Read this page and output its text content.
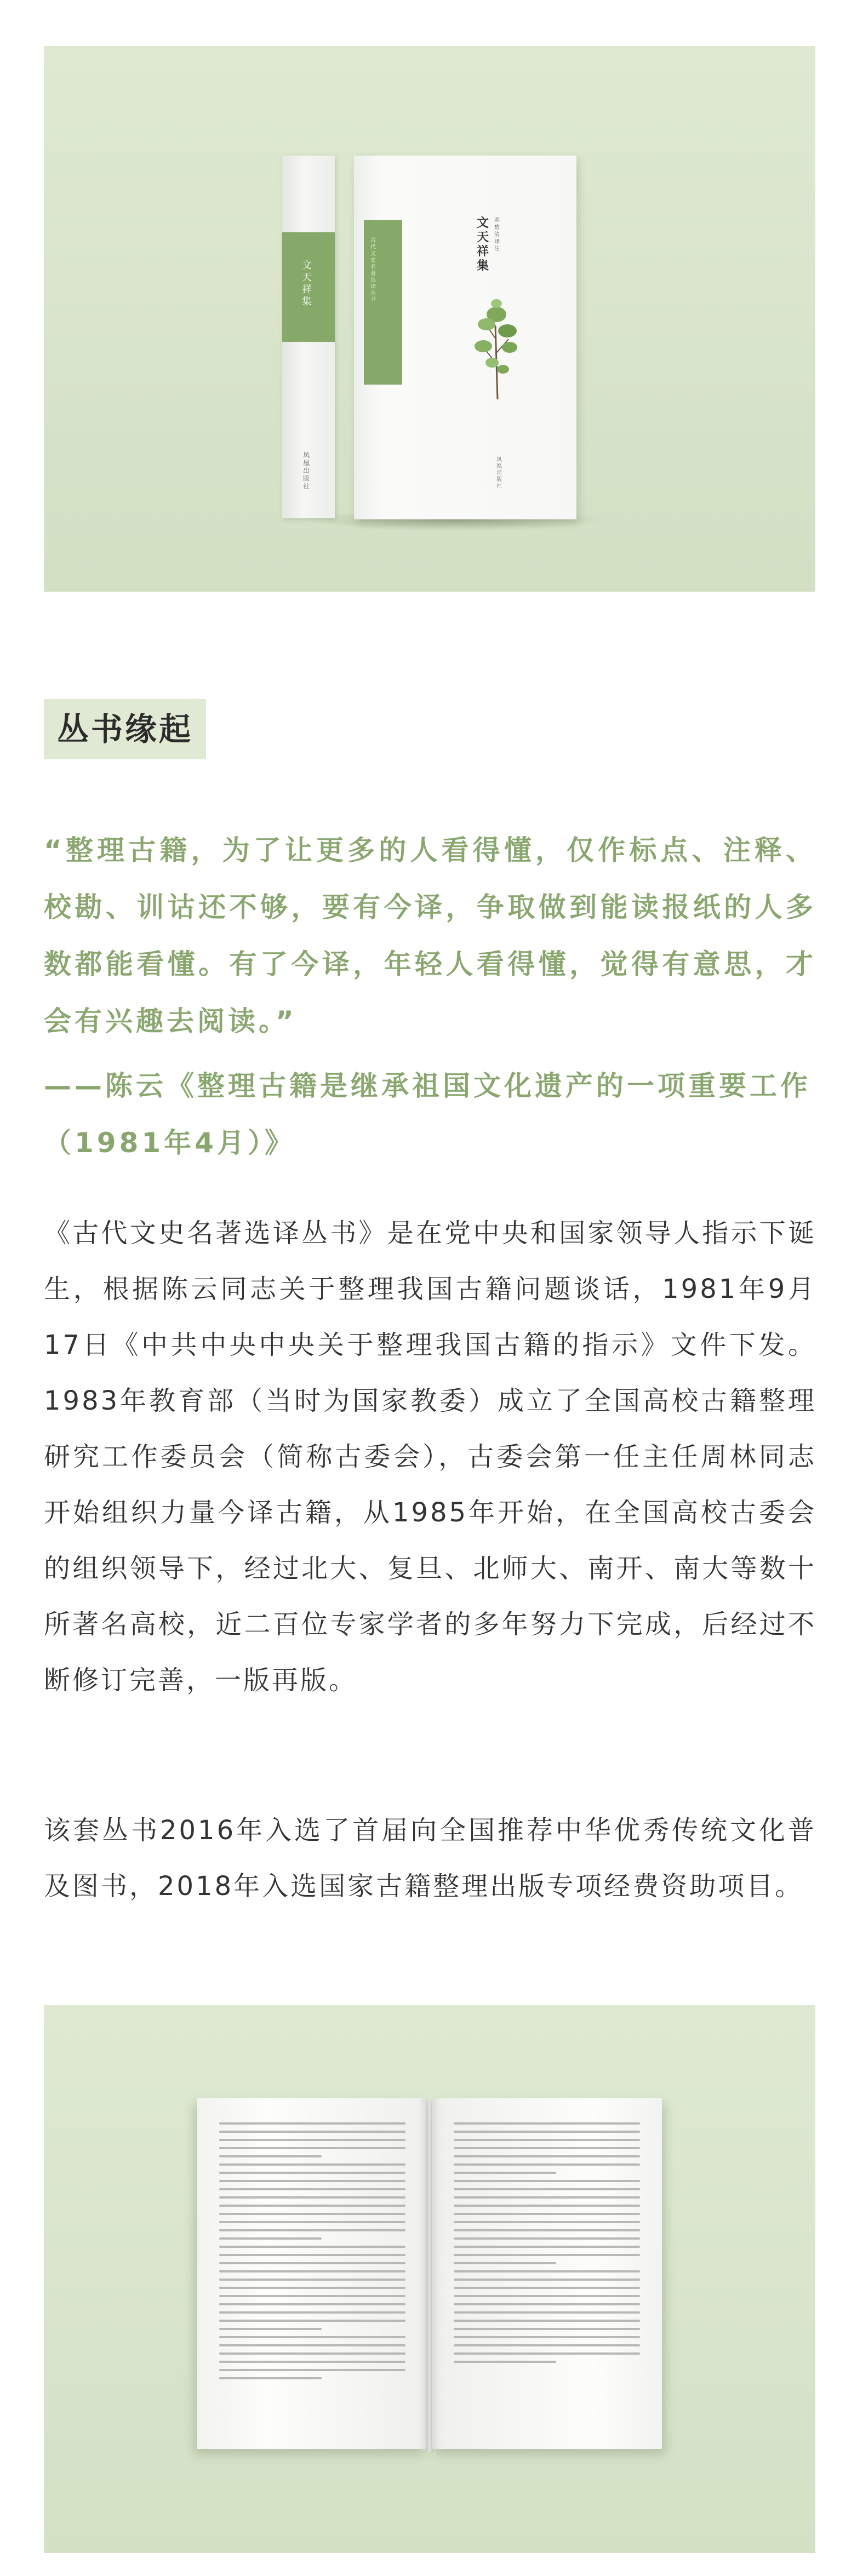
文天祥集
凤凰出版社
古代文史名著选译丛书
文天祥集
邓碧清 译注
凤凰出版社
丛书缘起
“整理古籍，为了让更多的人看得懂，仅作标点、注释、校勘、训诂还不够，要有今译，争取做到能读报纸的人多数都能看懂。有了今译，年轻人看得懂，觉得有意思，才会有兴趣去阅读。”
——陈云《整理古籍是继承祖国文化遗产的一项重要工作（1981年4月）》
《古代文史名著选译丛书》是在党中央和国家领导人指示下诞生，根据陈云同志关于整理我国古籍问题谈话，1981年9月17日《中共中央中央关于整理我国古籍的指示》文件下发。1983年教育部（当时为国家教委）成立了全国高校古籍整理研究工作委员会（简称古委会），古委会第一任主任周林同志开始组织力量今译古籍，从1985年开始，在全国高校古委会的组织领导下，经过北大、复旦、北师大、南开、南大等数十所著名高校，近二百位专家学者的多年努力下完成，后经过不断修订完善，一版再版。
该套丛书2016年入选了首届向全国推荐中华优秀传统文化普及图书，2018年入选国家古籍整理出版专项经费资助项目。
